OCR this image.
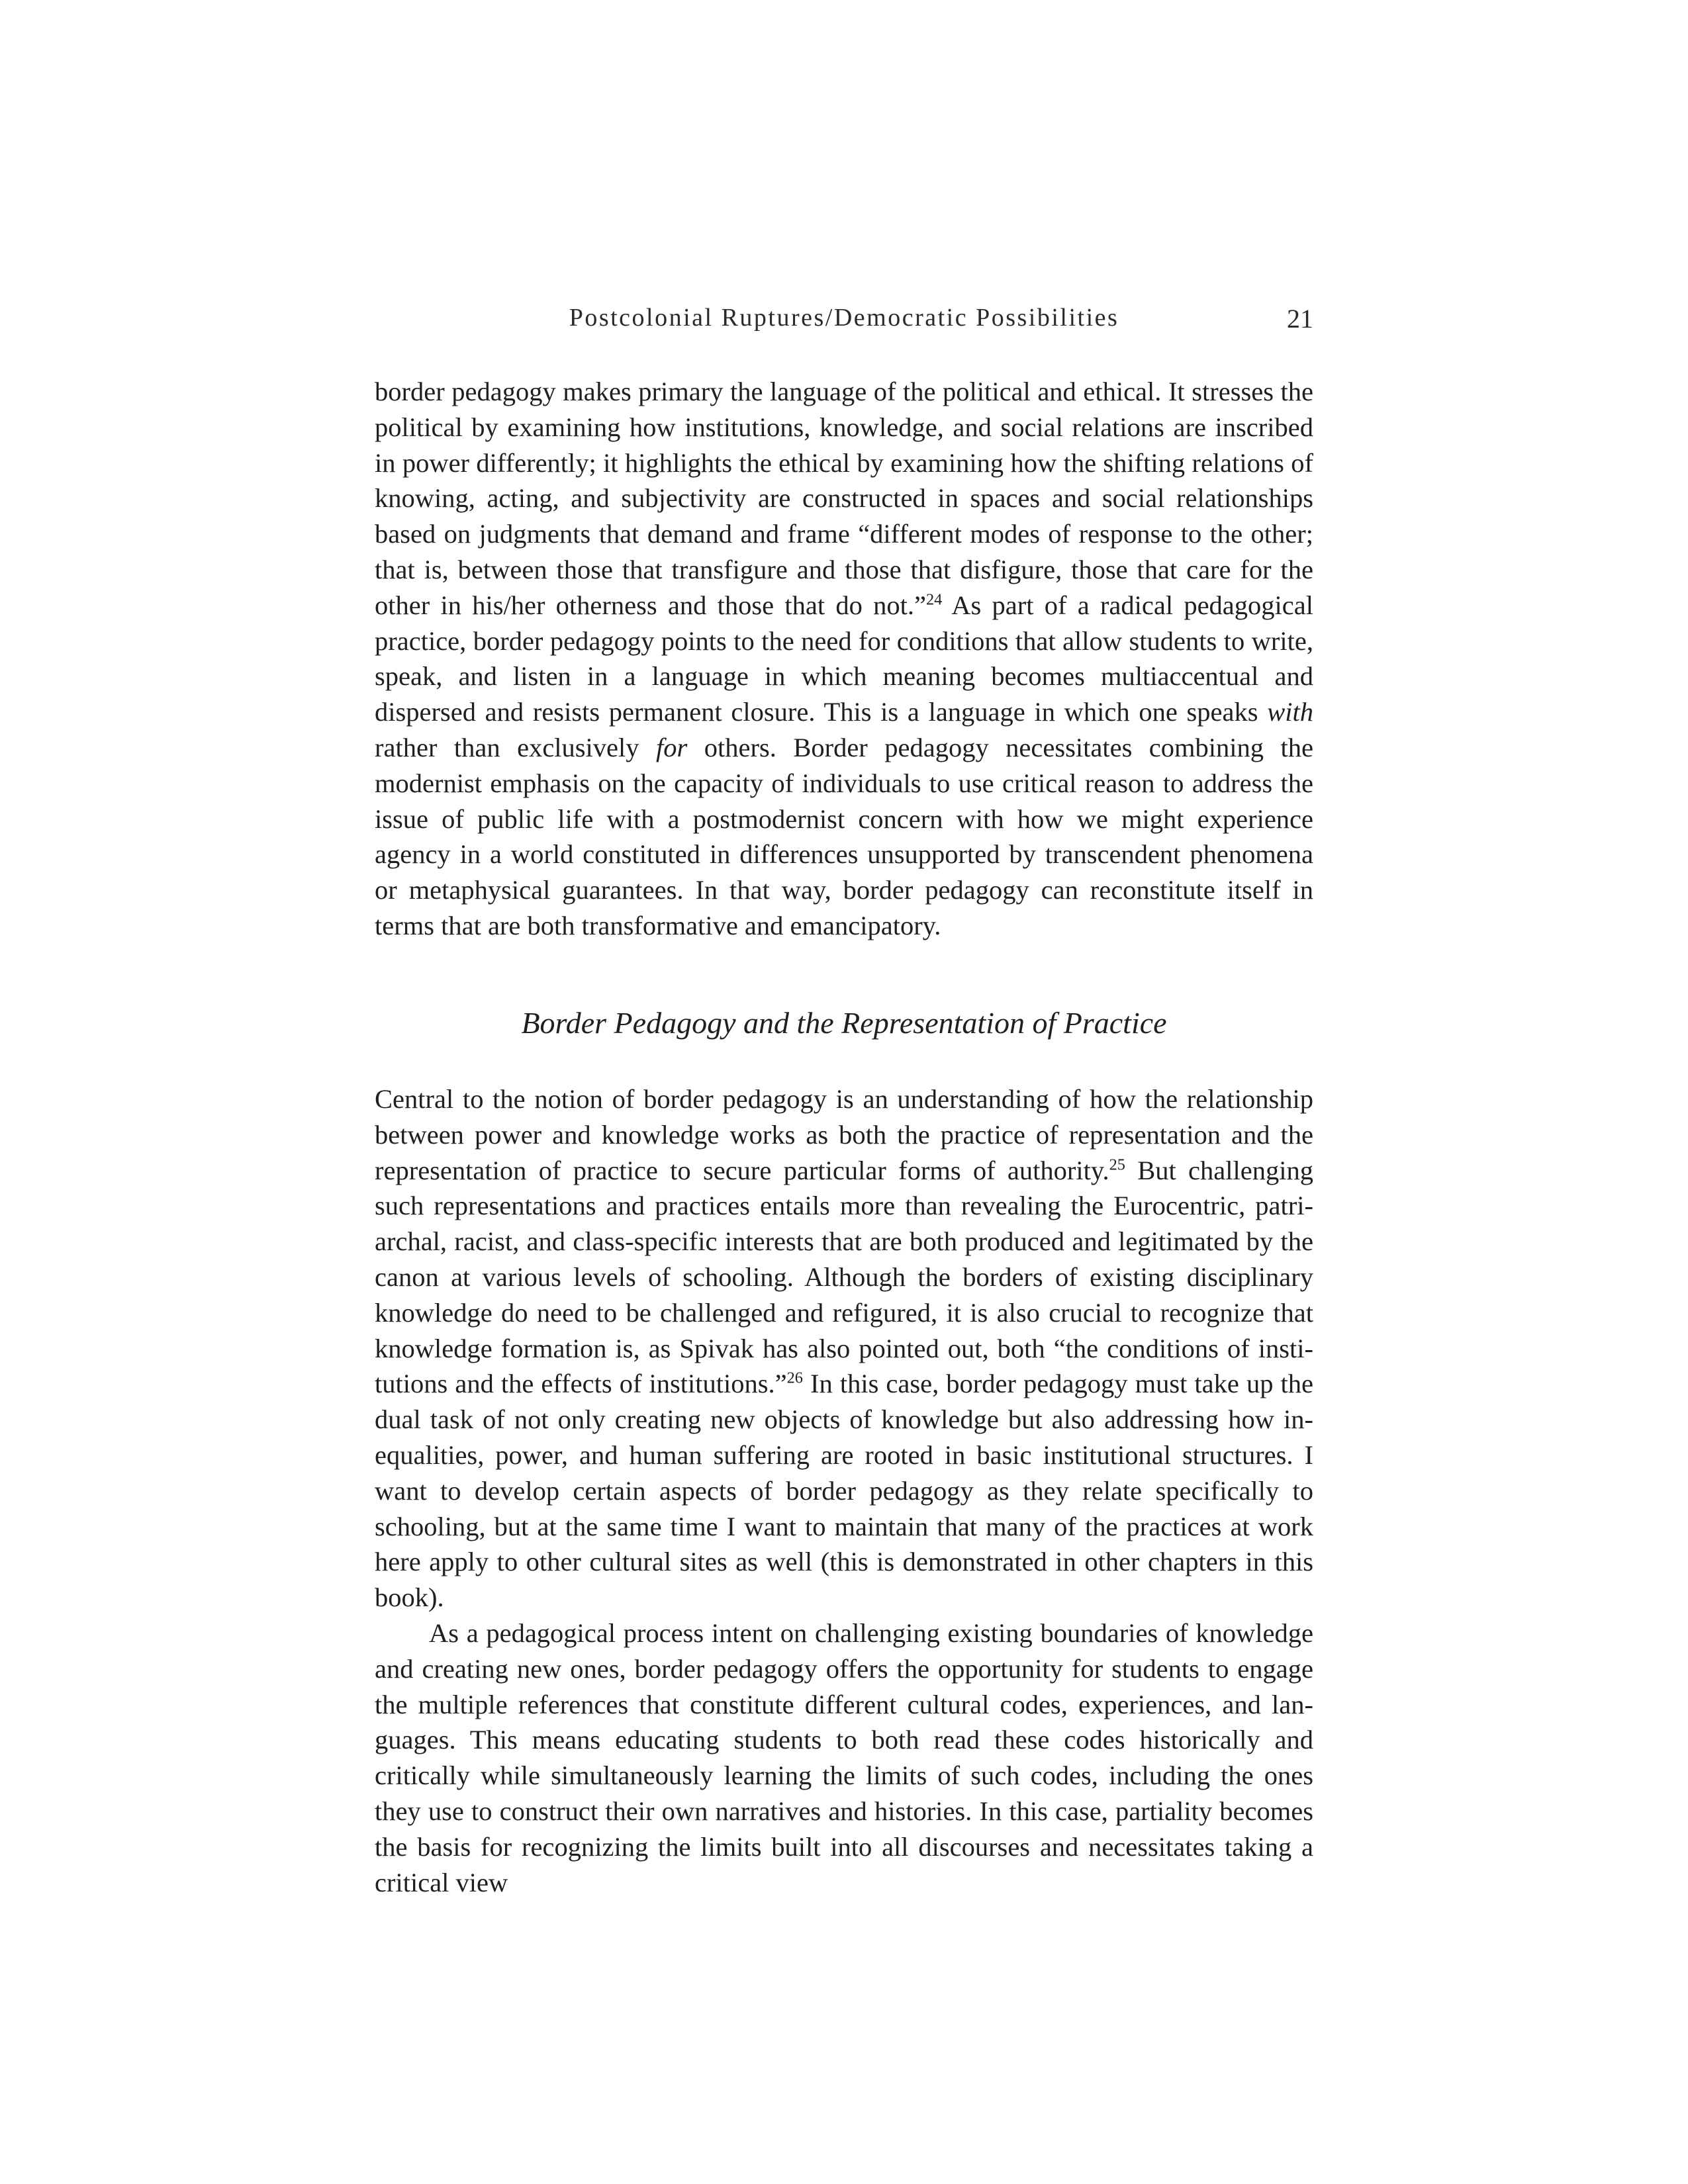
Postcolonial Ruptures/Democratic Possibilities	21

border pedagogy makes primary the language of the political and ethical. It stresses the political by examining how institutions, knowledge, and social relations are inscribed in power differently; it highlights the ethical by examining how the shifting relations of knowing, acting, and subjectivity are constructed in spaces and social relationships based on judgments that demand and frame “different modes of response to the other; that is, between those that transfigure and those that disfigure, those that care for the other in his/her otherness and those that do not.”$^{24}$ As part of a radical pedagogical practice, border pedagogy points to the need for conditions that allow students to write, speak, and listen in a language in which meaning becomes multiaccentual and dispersed and resists permanent closure. This is a language in which one speaks with rather than exclusively for others. Border pedagogy necessitates combining the modernist emphasis on the capacity of individuals to use critical reason to address the issue of public life with a postmodernist concern with how we might experience agency in a world constituted in differences unsupported by transcendent phenomena or metaphysical guarantees. In that way, border pedagogy can reconstitute itself in terms that are both transformative and emancipatory.

Border Pedagogy and the Representation of Practice

Central to the notion of border pedagogy is an understanding of how the relationship between power and knowledge works as both the practice of representation and the representation of practice to secure particular forms of authority.$^{25}$ But challenging such representations and practices entails more than revealing the Eurocentric, patriarchal, racist, and class-specific interests that are both produced and legitimated by the canon at various levels of schooling. Although the borders of existing disciplinary knowledge do need to be challenged and refigured, it is also crucial to recognize that knowledge formation is, as Spivak has also pointed out, both “the conditions of institutions and the effects of institutions.”$^{26}$ In this case, border pedagogy must take up the dual task of not only creating new objects of knowledge but also addressing how inequalities, power, and human suffering are rooted in basic institutional structures. I want to develop certain aspects of border pedagogy as they relate specifically to schooling, but at the same time I want to maintain that many of the practices at work here apply to other cultural sites as well (this is demonstrated in other chapters in this book).

As a pedagogical process intent on challenging existing boundaries of knowledge and creating new ones, border pedagogy offers the opportunity for students to engage the multiple references that constitute different cultural codes, experiences, and languages. This means educating students to both read these codes historically and critically while simultaneously learning the limits of such codes, including the ones they use to construct their own narratives and histories. In this case, partiality becomes the basis for recognizing the limits built into all discourses and necessitates taking a critical view
